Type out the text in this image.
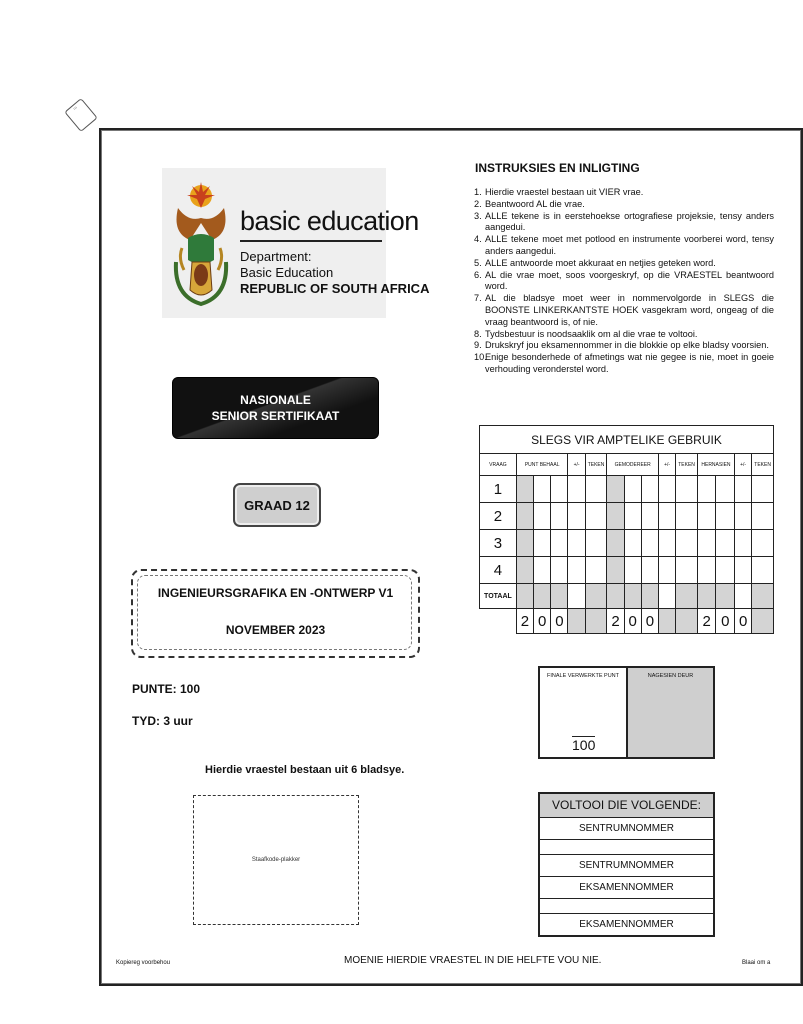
▭
basic education
Department:
Basic Education
REPUBLIC OF SOUTH AFRICA
NASIONALE
SENIOR SERTIFIKAAT
GRAAD 12
INGENIEURSGRAFIKA EN -ONTWERP V1
NOVEMBER 2023
PUNTE: 100
TYD: 3 uur
Hierdie vraestel bestaan uit 6 bladsye.
Staafkode-plakker
INSTRUKSIES EN INLIGTING
1. Hierdie vraestel bestaan uit VIER vrae.
2. Beantwoord AL die vrae.
3. ALLE tekene is in eerstehoekse ortografiese projeksie, tensy anders aangedui.
4. ALLE tekene moet met potlood en instrumente voorberei word, tensy anders aangedui.
5. ALLE antwoorde moet akkuraat en netjies geteken word.
6. AL die vrae moet, soos voorgeskryf, op die VRAESTEL beantwoord word.
7. AL die bladsye moet weer in nommervolgorde in SLEGS die BOONSTE LINKERKANTSTE HOEK vasgekram word, ongeag of die vraag beantwoord is, of nie.
8. Tydsbestuur is noodsaaklik om al die vrae te voltooi.
9. Drukskryf jou eksamennommer in die blokkie op elke bladsy voorsien.
10.
Enige besonderhede of afmetings wat nie gegee is nie, moet in goeie verhouding veronderstel word.
SLEGS VIR AMPTELIKE GEBRUIK														
VRAAG	PUNT BEHAAL			+/-	TEKEN	GEMODEREER			+/-	TEKEN	HERNASIEN		+/-	TEKEN
1														
2														
3														
4														
TOTAAL														
	2	0	0			2	0	0			2	0	0	
FINALE VERWERKTE PUNT
100
NAGESIEN DEUR
VOLTOOI DIE VOLGENDE:
SENTRUMNOMMER
SENTRUMNOMMER
EKSAMENNOMMER
EKSAMENNOMMER
Kopiereg voorbehou	MOENIE HIERDIE VRAESTEL IN DIE HELFTE VOU NIE.	Blaai om a
